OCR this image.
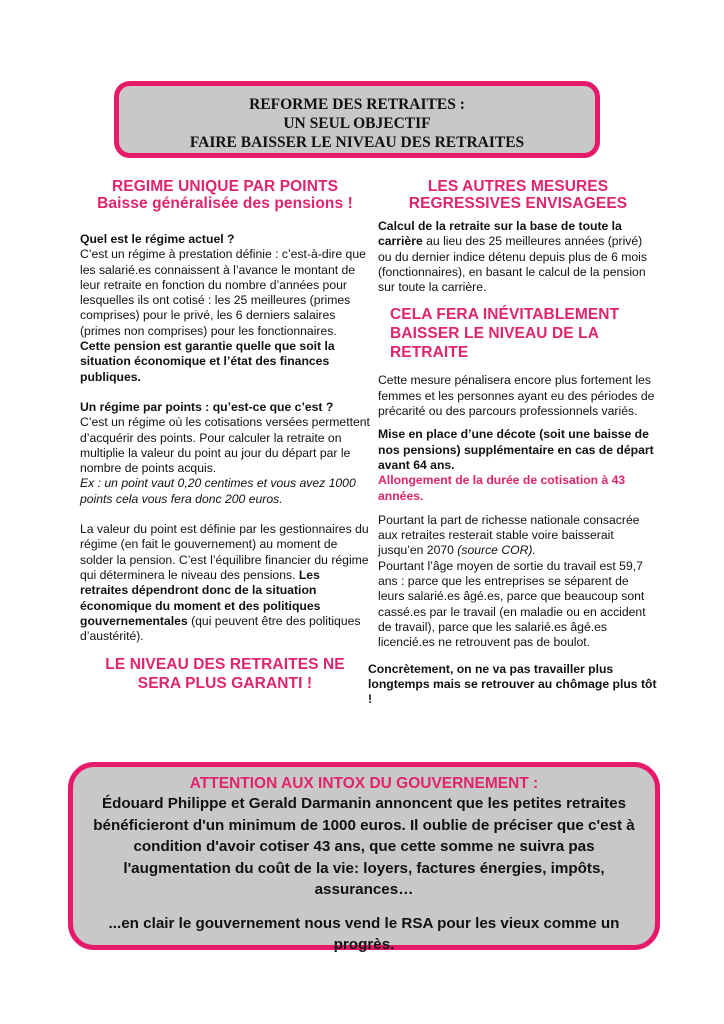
REFORME DES RETRAITES :
UN SEUL OBJECTIF
FAIRE BAISSER LE NIVEAU DES RETRAITES
REGIME UNIQUE PAR POINTS
Baisse généralisée des pensions !

Quel est le régime actuel ?
C’est un régime à prestation définie : c’est-à-dire que les salarié.es connaissent à l’avance le montant de leur retraite en fonction du nombre d’années pour lesquelles ils ont cotisé : les 25 meilleures (primes comprises) pour le privé, les 6 derniers salaires (primes non comprises) pour les fonctionnaires. Cette pension est garantie quelle que soit la situation économique et l’état des finances publiques.

Un régime par points : qu’est-ce que c’est ?
C’est un régime où les cotisations versées permettent d’acquérir des points. Pour calculer la retraite on multiplie la valeur du point au jour du départ par le nombre de points acquis.
Ex : un point vaut 0,20 centimes et vous avez 1000 points cela vous fera donc 200 euros.

La valeur du point est définie par les gestionnaires du régime (en fait le gouvernement) au moment de solder la pension. C’est l’équilibre financier du régime qui déterminera le niveau des pensions. Les retraites dépendront donc de la situation économique du moment et des politiques gouvernementales (qui peuvent être des politiques d’austérité).

LE NIVEAU DES RETRAITES NE
SERA PLUS GARANTI !
LES AUTRES MESURES
REGRESSIVES ENVISAGEES

Calcul de la retraite sur la base de toute la carrière au lieu des 25 meilleures années (privé) ou du dernier indice détenu depuis plus de 6 mois (fonctionnaires), en basant le calcul de la pension sur toute la carrière.

CELA FERA INÉVITABLEMENT
BAISSER LE NIVEAU DE LA
RETRAITE

Cette mesure pénalisera encore plus fortement les femmes et les personnes ayant eu des périodes de précarité ou des parcours professionnels variés.

Mise en place d’une décote (soit une baisse de nos pensions) supplémentaire en cas de départ avant 64 ans.
Allongement de la durée de cotisation à 43 années.

Pourtant la part de richesse nationale consacrée aux retraites resterait stable voire baisserait jusqu’en 2070 (source COR).
Pourtant l’âge moyen de sortie du travail est 59,7 ans : parce que les entreprises se séparent de leurs salarié.es âgé.es, parce que beaucoup sont cassé.es par le travail (en maladie ou en accident de travail), parce que les salarié.es âgé.es licencié.es ne retrouvent pas de boulot.

Concrètement, on ne va pas travailler plus longtemps mais se retrouver au chômage plus tôt !

ATTENTION AUX INTOX DU GOUVERNEMENT :
Édouard Philippe et Gerald Darmanin annoncent que les petites retraites bénéficieront d'un minimum de 1000 euros. Il oublie de préciser que c'est à condition d'avoir cotiser 43 ans, que cette somme ne suivra pas l'augmentation du coût de la vie: loyers, factures énergies, impôts, assurances…
...en clair le gouvernement nous vend le RSA pour les vieux comme un progrès.
